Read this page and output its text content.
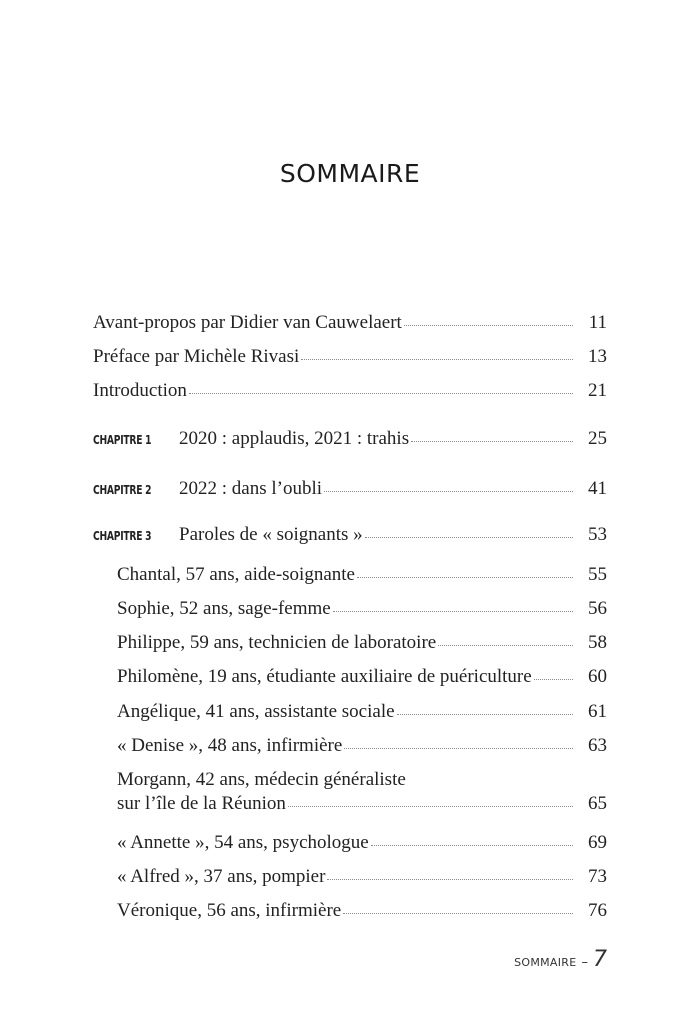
SOMMAIRE
Avant-propos par Didier van Cauwelaert	11
Préface par Michèle Rivasi	13
Introduction	21
CHAPITRE 1	2020 : applaudis, 2021 : trahis	25
CHAPITRE 2	2022 : dans l’oubli	41
CHAPITRE 3	Paroles de « soignants »	53
Chantal, 57 ans, aide-soignante	55
Sophie, 52 ans, sage-femme	56
Philippe, 59 ans, technicien de laboratoire	58
Philomène, 19 ans, étudiante auxiliaire de puériculture	60
Angélique, 41 ans, assistante sociale	61
« Denise », 48 ans, infirmière	63
Morgann, 42 ans, médecin généraliste
sur l’île de la Réunion	65
« Annette », 54 ans, psychologue	69
« Alfred », 37 ans, pompier	73
Véronique, 56 ans, infirmière	76
SOMMAIRE – 7
